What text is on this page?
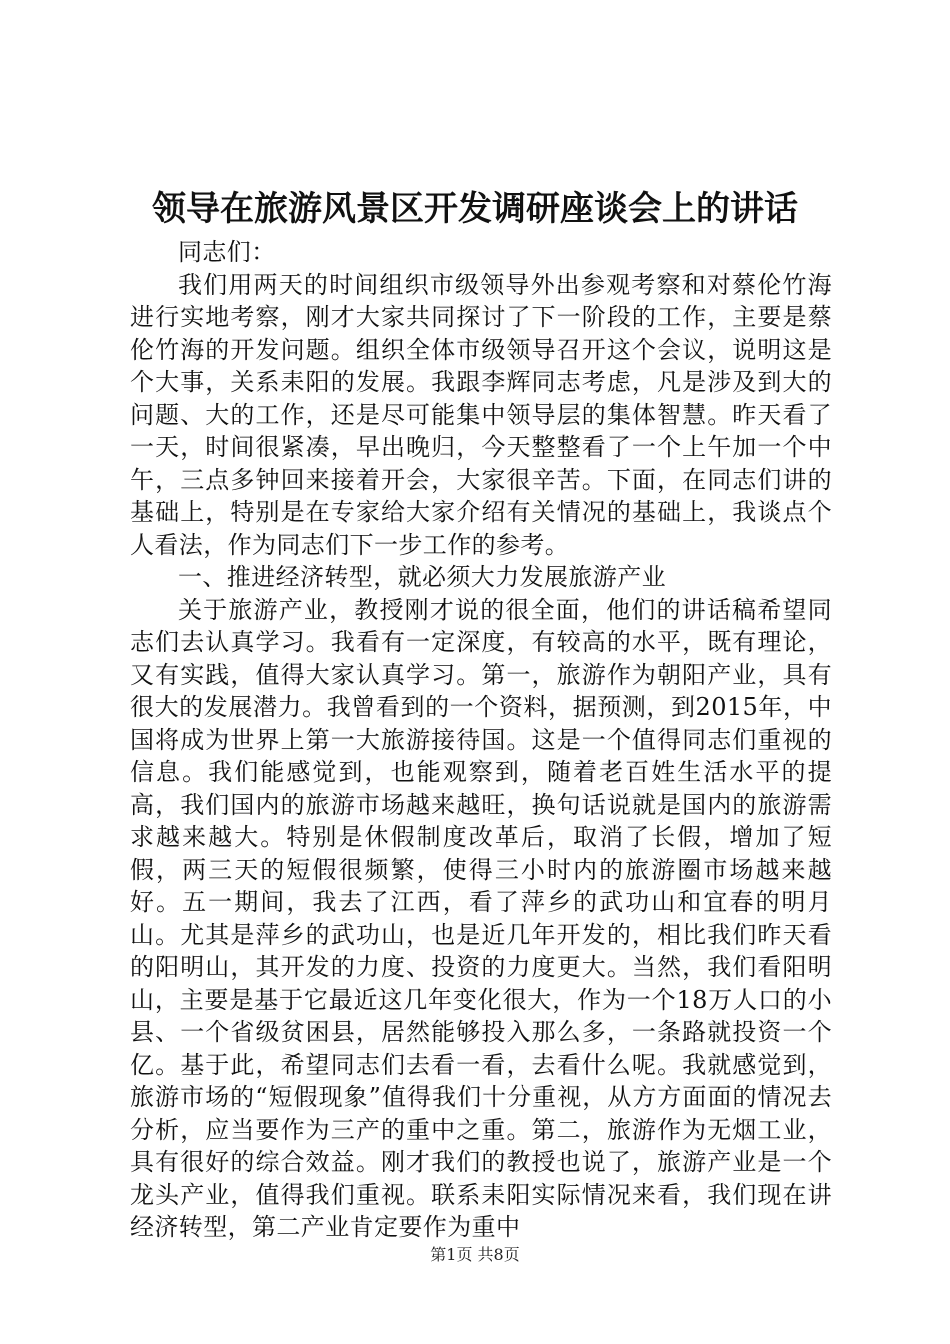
领导在旅游风景区开发调研座谈会上的讲话

同志们：

我们用两天的时间组织市级领导外出参观考察和对蔡伦竹海进行实地考察，刚才大家共同探讨了下一阶段的工作，主要是蔡伦竹海的开发问题。组织全体市级领导召开这个会议，说明这是个大事，关系耒阳的发展。我跟李辉同志考虑，凡是涉及到大的问题、大的工作，还是尽可能集中领导层的集体智慧。昨天看了一天，时间很紧凑，早出晚归，今天整整看了一个上午加一个中午，三点多钟回来接着开会，大家很辛苦。下面，在同志们讲的基础上，特别是在专家给大家介绍有关情况的基础上，我谈点个人看法，作为同志们下一步工作的参考。

一、推进经济转型，就必须大力发展旅游产业

关于旅游产业，教授刚才说的很全面，他们的讲话稿希望同志们去认真学习。我看有一定深度，有较高的水平，既有理论，又有实践，值得大家认真学习。第一，旅游作为朝阳产业，具有很大的发展潜力。我曾看到的一个资料，据预测，到2015年，中国将成为世界上第一大旅游接待国。这是一个值得同志们重视的信息。我们能感觉到，也能观察到，随着老百姓生活水平的提高，我们国内的旅游市场越来越旺，换句话说就是国内的旅游需求越来越大。特别是休假制度改革后，取消了长假，增加了短假，两三天的短假很频繁，使得三小时内的旅游圈市场越来越好。五一期间，我去了江西，看了萍乡的武功山和宜春的明月山。尤其是萍乡的武功山，也是近几年开发的，相比我们昨天看的阳明山，其开发的力度、投资的力度更大。当然，我们看阳明山，主要是基于它最近这几年变化很大，作为一个18万人口的小县、一个省级贫困县，居然能够投入那么多，一条路就投资一个亿。基于此，希望同志们去看一看，去看什么呢。我就感觉到，旅游市场的“短假现象”值得我们十分重视，从方方面面的情况去分析，应当要作为三产的重中之重。第二，旅游作为无烟工业，具有很好的综合效益。刚才我们的教授也说了，旅游产业是一个龙头产业，值得我们重视。联系耒阳实际情况来看，我们现在讲经济转型，第二产业肯定要作为重中

第1页 共8页
